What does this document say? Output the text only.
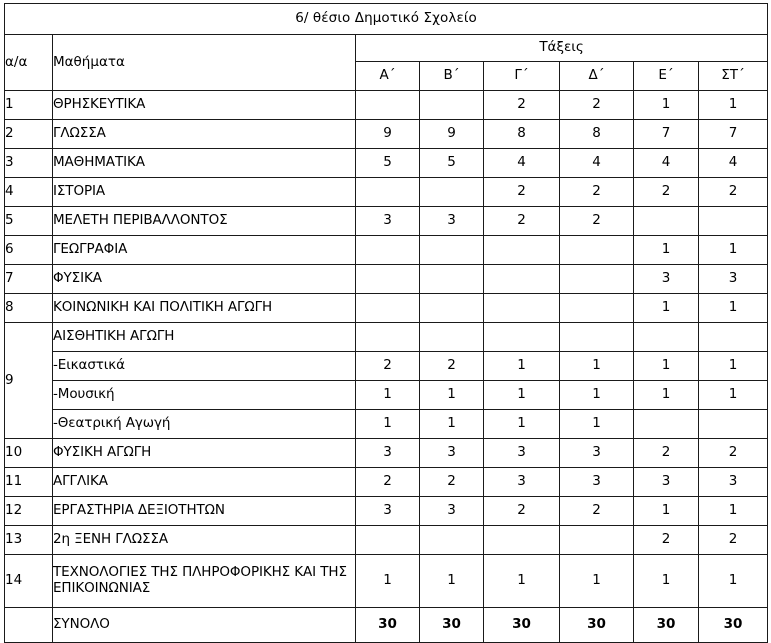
6/ θέσιο Δημοτικό Σχολείο							
α/α	Μαθήματα	Τάξεις					
		Α΄	Β΄	Γ΄	Δ΄	Ε΄	ΣΤ΄
1	ΘΡΗΣΚΕΥΤΙΚΑ			2	2	1	1
2	ΓΛΩΣΣΑ	9	9	8	8	7	7
3	ΜΑΘΗΜΑΤΙΚΑ	5	5	4	4	4	4
4	ΙΣΤΟΡΙΑ			2	2	2	2
5	ΜΕΛΕΤΗ ΠΕΡΙΒΑΛΛΟΝΤΟΣ	3	3	2	2		
6	ΓΕΩΓΡΑΦΙΑ					1	1
7	ΦΥΣΙΚΑ					3	3
8	ΚΟΙΝΩΝΙΚΗ ΚΑΙ ΠΟΛΙΤΙΚΗ ΑΓΩΓΗ					1	1
9	ΑΙΣΘΗΤΙΚΗ ΑΓΩΓΗ						
	-Εικαστικά	2	2	1	1	1	1
	-Μουσική	1	1	1	1	1	1
	-Θεατρική Αγωγή	1	1	1	1		
10	ΦΥΣΙΚΗ ΑΓΩΓΗ	3	3	3	3	2	2
11	ΑΓΓΛΙΚΑ	2	2	3	3	3	3
12	ΕΡΓΑΣΤΗΡΙΑ ΔΕΞΙΟΤΗΤΩΝ	3	3	2	2	1	1
13	2η ΞΕΝΗ ΓΛΩΣΣΑ					2	2
14	ΤΕΧΝΟΛΟΓΙΕΣ ΤΗΣ ΠΛΗΡΟΦΟΡΙΚΗΣ ΚΑΙ ΤΗΣ ΕΠΙΚΟΙΝΩΝΙΑΣ	1	1	1	1	1	1
	ΣΥΝΟΛΟ	30	30	30	30	30	30
